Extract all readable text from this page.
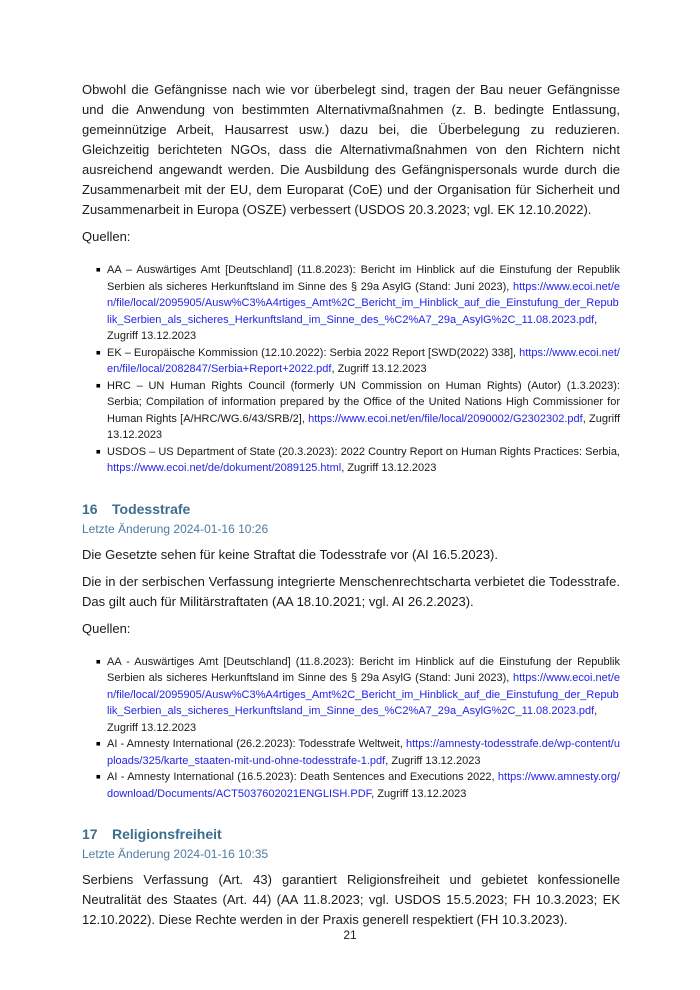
Obwohl die Gefängnisse nach wie vor überbelegt sind, tragen der Bau neuer Gefängnisse und die Anwendung von bestimmten Alternativmaßnahmen (z. B. bedingte Entlassung, gemeinnützige Arbeit, Hausarrest usw.) dazu bei, die Überbelegung zu reduzieren. Gleichzeitig berichteten NGOs, dass die Alternativmaßnahmen von den Richtern nicht ausreichend angewandt werden. Die Ausbildung des Gefängnispersonals wurde durch die Zusammenarbeit mit der EU, dem Europarat (CoE) und der Organisation für Sicherheit und Zusammenarbeit in Europa (OSZE) verbessert (USDOS 20.3.2023; vgl. EK 12.10.2022).

Quellen:

■ AA – Auswärtiges Amt [Deutschland] (11.8.2023): Bericht im Hinblick auf die Einstufung der Republik Serbien als sicheres Herkunftsland im Sinne des § 29a AsylG (Stand: Juni 2023), https://www.ecoi.net/en/file/local/2095905/Ausw%C3%A4rtiges_Amt%2C_Bericht_im_Hinblick_auf_die_Einstufung_der_Republik_Serbien_als_sicheres_Herkunftsland_im_Sinne_des_%C2%A7_29a_AsylG%2C_11.08.2023.pdf, Zugriff 13.12.2023
■ EK – Europäische Kommission (12.10.2022): Serbia 2022 Report [SWD(2022) 338], https://www.ecoi.net/en/file/local/2082847/Serbia+Report+2022.pdf, Zugriff 13.12.2023
■ HRC – UN Human Rights Council (formerly UN Commission on Human Rights) (Autor) (1.3.2023): Serbia; Compilation of information prepared by the Office of the United Nations High Commissioner for Human Rights [A/HRC/WG.6/43/SRB/2], https://www.ecoi.net/en/file/local/2090002/G2302302.pdf, Zugriff 13.12.2023
■ USDOS – US Department of State (20.3.2023): 2022 Country Report on Human Rights Practices: Serbia, https://www.ecoi.net/de/dokument/2089125.html, Zugriff 13.12.2023
16 Todesstrafe

Letzte Änderung 2024-01-16 10:26

Die Gesetzte sehen für keine Straftat die Todesstrafe vor (AI 16.5.2023).

Die in der serbischen Verfassung integrierte Menschenrechtscharta verbietet die Todesstrafe. Das gilt auch für Militärstraftaten (AA 18.10.2021; vgl. AI 26.2.2023).

Quellen:

■ AA - Auswärtiges Amt [Deutschland] (11.8.2023): Bericht im Hinblick auf die Einstufung der Republik Serbien als sicheres Herkunftsland im Sinne des § 29a AsylG (Stand: Juni 2023), https://www.ecoi.net/en/file/local/2095905/Ausw%C3%A4rtiges_Amt%2C_Bericht_im_Hinblick_auf_die_Einstufung_der_Republik_Serbien_als_sicheres_Herkunftsland_im_Sinne_des_%C2%A7_29a_AsylG%2C_11.08.2023.pdf, Zugriff 13.12.2023
■ AI - Amnesty International (26.2.2023): Todesstrafe Weltweit, https://amnesty-todesstrafe.de/wp-content/uploads/325/karte_staaten-mit-und-ohne-todesstrafe-1.pdf, Zugriff 13.12.2023
■ AI - Amnesty International (16.5.2023): Death Sentences and Executions 2022, https://www.amnesty.org/download/Documents/ACT5037602021ENGLISH.PDF, Zugriff 13.12.2023
17 Religionsfreiheit

Letzte Änderung 2024-01-16 10:35

Serbiens Verfassung (Art. 43) garantiert Religionsfreiheit und gebietet konfessionelle Neutralität des Staates (Art. 44) (AA 11.8.2023; vgl. USDOS 15.5.2023; FH 10.3.2023; EK 12.10.2022). Diese Rechte werden in der Praxis generell respektiert (FH 10.3.2023).

21
